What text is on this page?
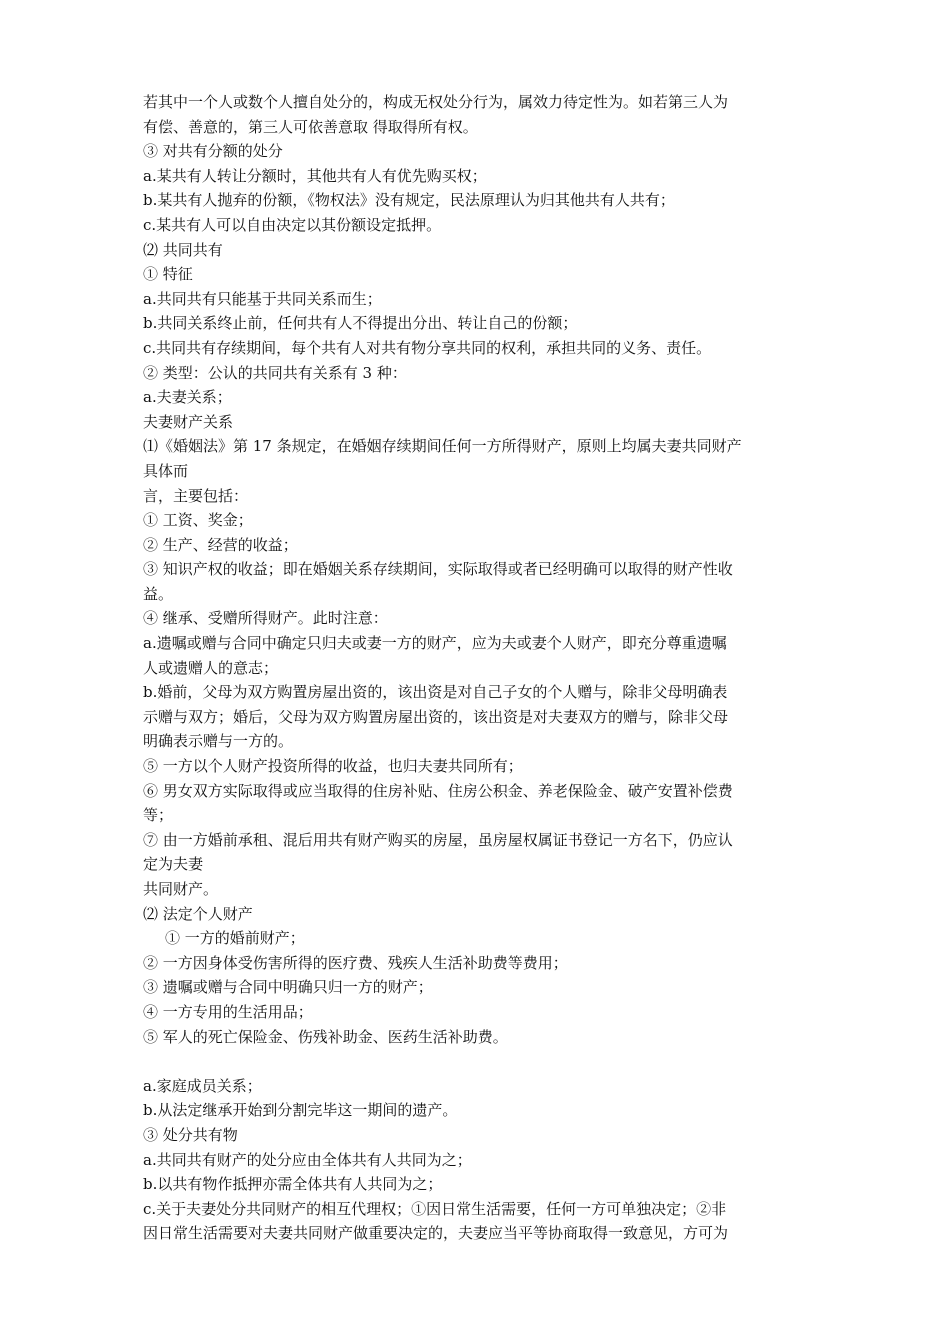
若其中一个人或数个人擅自处分的，构成无权处分行为，属效力待定性为。如若第三人为
有偿、善意的，第三人可依善意取 得取得所有权。
③ 对共有分额的处分
a.某共有人转让分额时，其他共有人有优先购买权；
b.某共有人抛弃的份额，《物权法》没有规定，民法原理认为归其他共有人共有；
c.某共有人可以自由决定以其份额设定抵押。
⑵ 共同共有
① 特征
a.共同共有只能基于共同关系而生；
b.共同关系终止前，任何共有人不得提出分出、转让自己的份额；
c.共同共有存续期间，每个共有人对共有物分享共同的权利，承担共同的义务、责任。
② 类型：公认的共同共有关系有 3 种：
a.夫妻关系；
夫妻财产关系
⑴《婚姻法》第 17 条规定，在婚姻存续期间任何一方所得财产，原则上均属夫妻共同财产
具体而
言，主要包括：
① 工资、奖金；
② 生产、经营的收益；
③ 知识产权的收益；即在婚姻关系存续期间，实际取得或者已经明确可以取得的财产性收
益。
④ 继承、受赠所得财产。此时注意：
a.遗嘱或赠与合同中确定只归夫或妻一方的财产，应为夫或妻个人财产，即充分尊重遗嘱
人或遗赠人的意志；
b.婚前，父母为双方购置房屋出资的，该出资是对自己子女的个人赠与，除非父母明确表
示赠与双方；婚后，父母为双方购置房屋出资的，该出资是对夫妻双方的赠与，除非父母
明确表示赠与一方的。
⑤ 一方以个人财产投资所得的收益，也归夫妻共同所有；
⑥ 男女双方实际取得或应当取得的住房补贴、住房公积金、养老保险金、破产安置补偿费
等；
⑦ 由一方婚前承租、混后用共有财产购买的房屋，虽房屋权属证书登记一方名下，仍应认
定为夫妻
共同财产。
⑵ 法定个人财产
① 一方的婚前财产；
② 一方因身体受伤害所得的医疗费、残疾人生活补助费等费用；
③ 遗嘱或赠与合同中明确只归一方的财产；
④ 一方专用的生活用品；
⑤ 军人的死亡保险金、伤残补助金、医药生活补助费。
a.家庭成员关系；
b.从法定继承开始到分割完毕这一期间的遗产。
③ 处分共有物
a.共同共有财产的处分应由全体共有人共同为之；
b.以共有物作抵押亦需全体共有人共同为之；
c.关于夫妻处分共同财产的相互代理权；①因日常生活需要，任何一方可单独决定；②非
因日常生活需要对夫妻共同财产做重要决定的，夫妻应当平等协商取得一致意见，方可为
